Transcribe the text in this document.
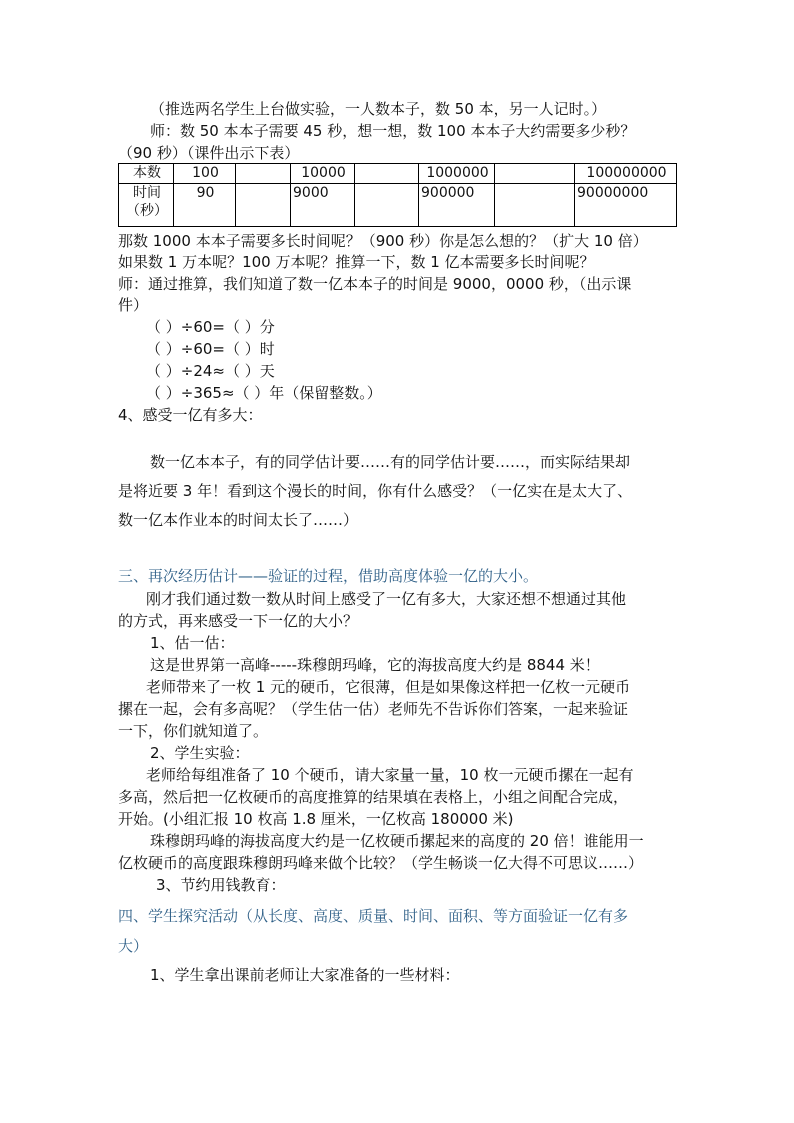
（推选两名学生上台做实验，一人数本子，数 50 本，另一人记时。）
师：数 50 本本子需要 45 秒，想一想，数 100 本本子大约需要多少秒？
（90 秒）（课件出示下表）
本数	100		10000		1000000		100000000

时间
（秒）	90		9000		900000		90000000
那数 1000 本本子需要多长时间呢？（900 秒）你是怎么想的？（扩大 10 倍）
如果数 1 万本呢？100 万本呢？推算一下，数 1 亿本需要多长时间呢？
师：通过推算，我们知道了数一亿本本子的时间是 9000，0000 秒，（出示课
件）
（ ）÷60=（ ）分
（ ）÷60=（ ）时
（ ）÷24≈（ ）天
（ ）÷365≈（ ）年（保留整数。）
4、感受一亿有多大：
数一亿本本子，有的同学估计要……有的同学估计要……，而实际结果却
是将近要 3 年！看到这个漫长的时间，你有什么感受？（一亿实在是太大了、
数一亿本作业本的时间太长了……）
三、再次经历估计——验证的过程，借助高度体验一亿的大小。
刚才我们通过数一数从时间上感受了一亿有多大，大家还想不想通过其他
的方式，再来感受一下一亿的大小？
1、估一估：
这是世界第一高峰-----珠穆朗玛峰，它的海拔高度大约是 8844 米！
老师带来了一枚 1 元的硬币，它很薄，但是如果像这样把一亿枚一元硬币
摞在一起，会有多高呢？（学生估一估）老师先不告诉你们答案，一起来验证
一下，你们就知道了。
2、学生实验：
老师给每组准备了 10 个硬币，请大家量一量，10 枚一元硬币摞在一起有
多高，然后把一亿枚硬币的高度推算的结果填在表格上，小组之间配合完成，
开始。(小组汇报 10 枚高 1.8 厘米，一亿枚高 180000 米)
珠穆朗玛峰的海拔高度大约是一亿枚硬币摞起来的高度的 20 倍！谁能用一
亿枚硬币的高度跟珠穆朗玛峰来做个比较？（学生畅谈一亿大得不可思议……）
3、节约用钱教育：
四、学生探究活动（从长度、高度、质量、时间、面积、等方面验证一亿有多
大）
1、学生拿出课前老师让大家准备的一些材料：
